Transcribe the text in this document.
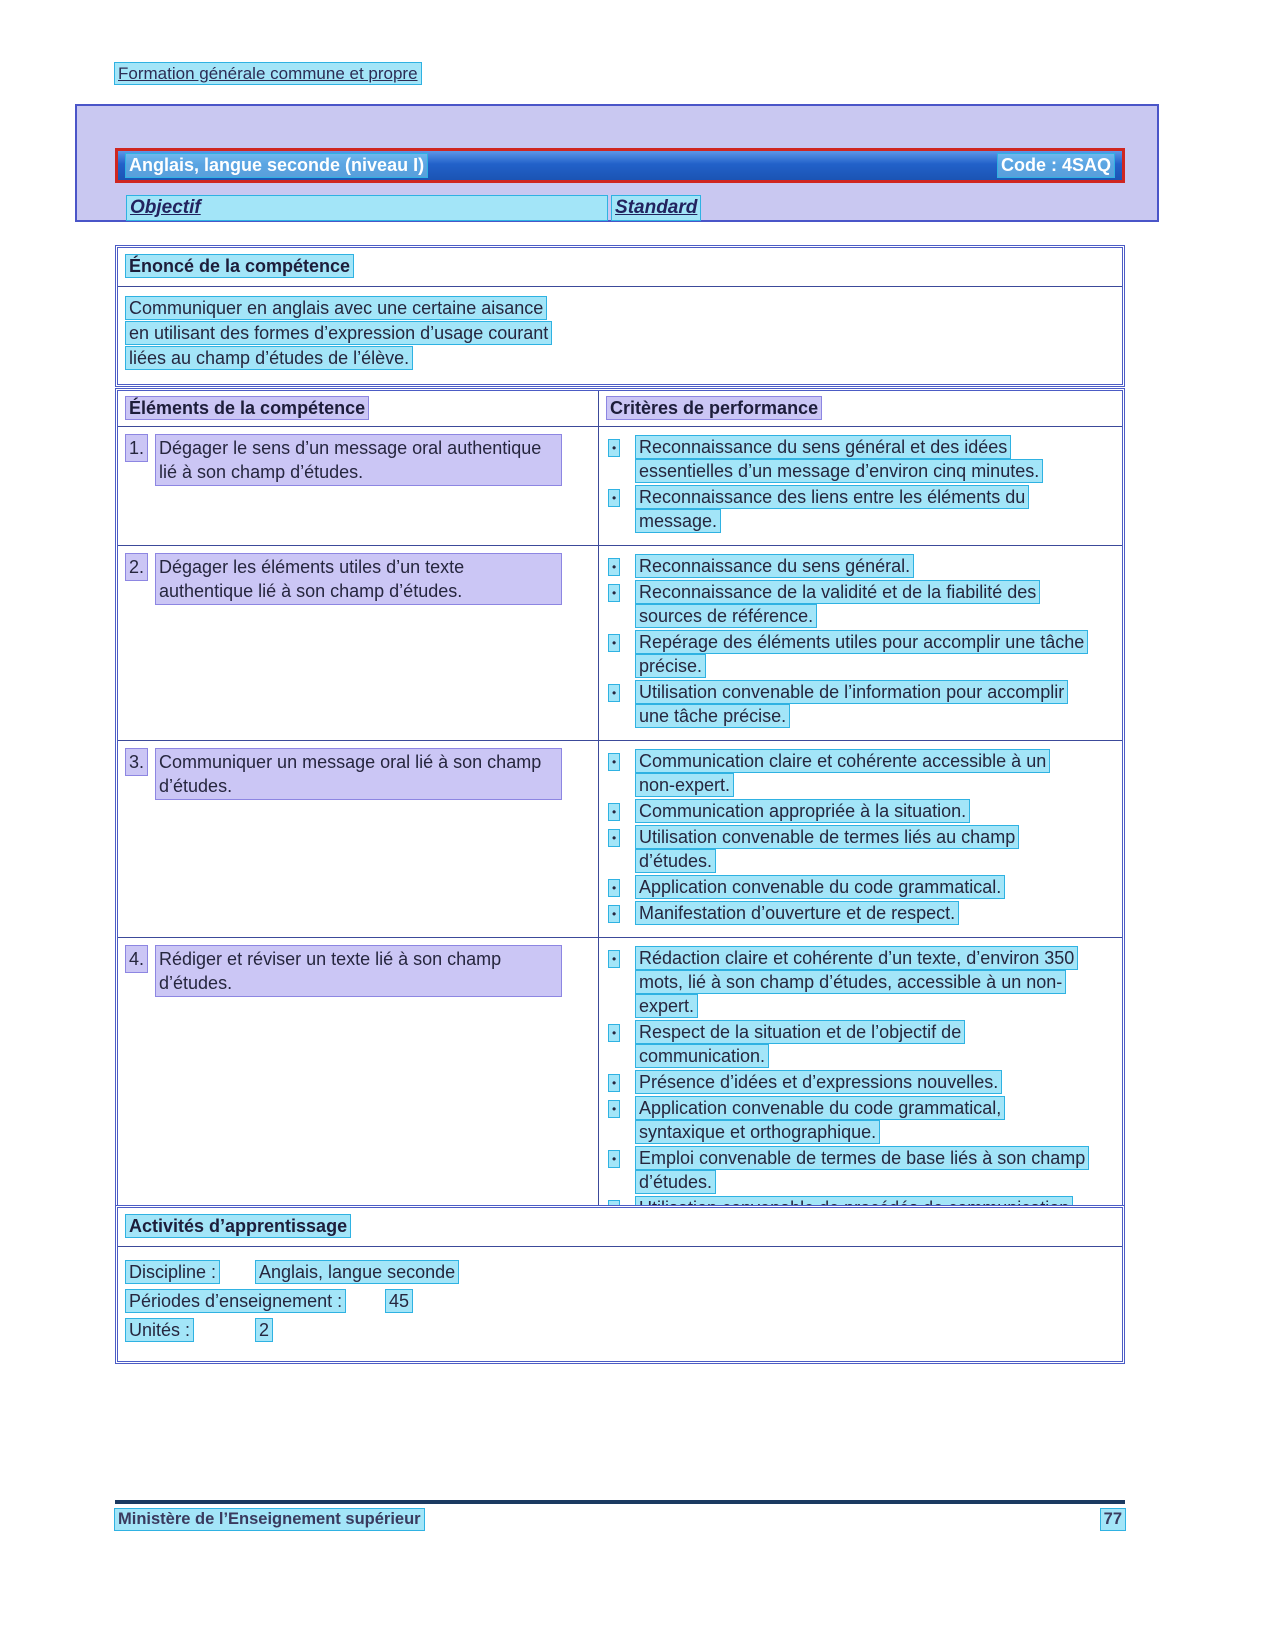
Formation générale commune et propre
Anglais, langue seconde (niveau I)	Code : 4SAQ
Objectif	Standard
Énoncé de la compétence
Communiquer en anglais avec une certaine aisance
en utilisant des formes d’expression d’usage courant
liées au champ d’études de l’élève.
Éléments de la compétence	Critères de performance
1. Dégager le sens d’un message oral authentique lié à son champ d’études.
• Reconnaissance du sens général et des idées essentielles d’un message d’environ cinq minutes.
• Reconnaissance des liens entre les éléments du message.
2. Dégager les éléments utiles d’un texte authentique lié à son champ d’études.
• Reconnaissance du sens général.
• Reconnaissance de la validité et de la fiabilité des sources de référence.
• Repérage des éléments utiles pour accomplir une tâche précise.
• Utilisation convenable de l’information pour accomplir une tâche précise.
3. Communiquer un message oral lié à son champ d’études.
• Communication claire et cohérente accessible à un non-expert.
• Communication appropriée à la situation.
• Utilisation convenable de termes liés au champ d’études.
• Application convenable du code grammatical.
• Manifestation d’ouverture et de respect.
4. Rédiger et réviser un texte lié à son champ d’études.
• Rédaction claire et cohérente d’un texte, d’environ 350 mots, lié à son champ d’études, accessible à un non-expert.
• Respect de la situation et de l’objectif de communication.
• Présence d’idées et d’expressions nouvelles.
• Application convenable du code grammatical, syntaxique et orthographique.
• Emploi convenable de termes de base liés à son champ d’études.
Activités d’apprentissage
Discipline : Anglais, langue seconde
Périodes d’enseignement :	45
Unités :	2
Ministère de l’Enseignement supérieur	77
